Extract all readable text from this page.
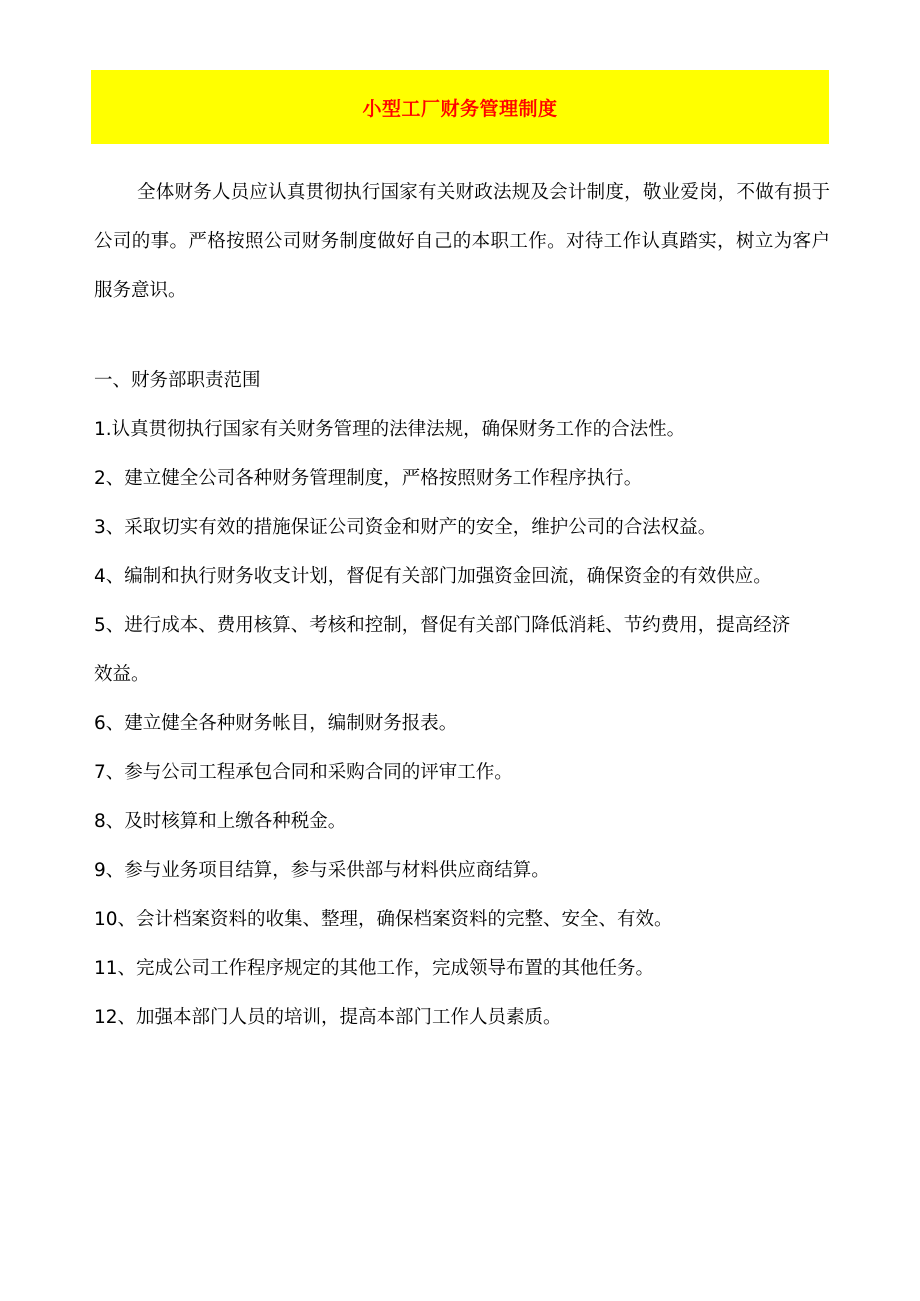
小型工厂财务管理制度

全体财务人员应认真贯彻执行国家有关财政法规及会计制度，敬业爱岗，不做有损于公司的事。严格按照公司财务制度做好自己的本职工作。对待工作认真踏实，树立为客户服务意识。

一、财务部职责范围

1.认真贯彻执行国家有关财务管理的法律法规，确保财务工作的合法性。
2、建立健全公司各种财务管理制度，严格按照财务工作程序执行。
3、采取切实有效的措施保证公司资金和财产的安全，维护公司的合法权益。
4、编制和执行财务收支计划，督促有关部门加强资金回流，确保资金的有效供应。
5、进行成本、费用核算、考核和控制，督促有关部门降低消耗、节约费用，提高经济效益。
6、建立健全各种财务帐目，编制财务报表。
7、参与公司工程承包合同和采购合同的评审工作。
8、及时核算和上缴各种税金。
9、参与业务项目结算，参与采供部与材料供应商结算。
10、会计档案资料的收集、整理，确保档案资料的完整、安全、有效。
11、完成公司工作程序规定的其他工作，完成领导布置的其他任务。
12、加强本部门人员的培训，提高本部门工作人员素质。
